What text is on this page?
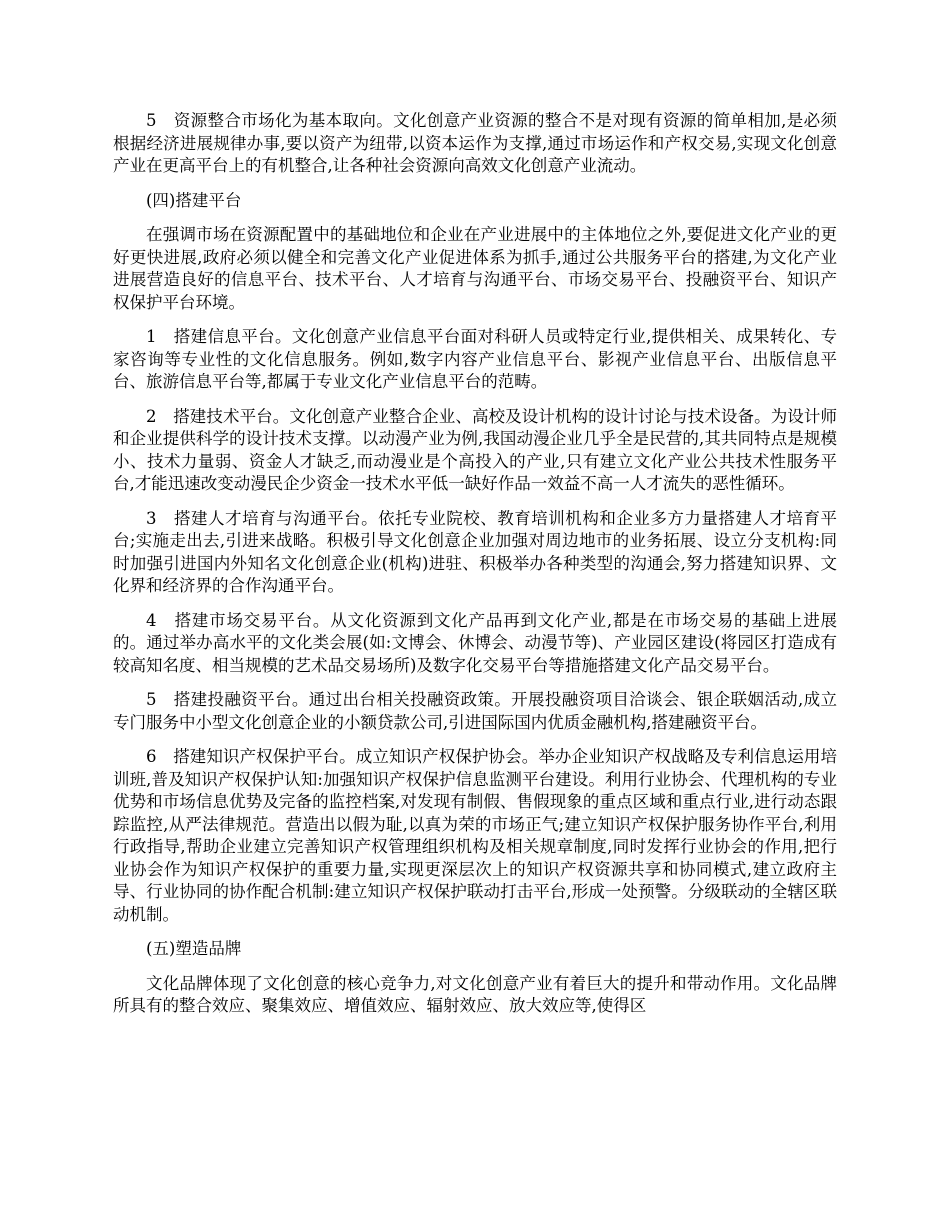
5　资源整合市场化为基本取向。文化创意产业资源的整合不是对现有资源的简单相加,是必须根据经济进展规律办事,要以资产为纽带,以资本运作为支撑,通过市场运作和产权交易,实现文化创意产业在更高平台上的有机整合,让各种社会资源向高效文化创意产业流动。

(四)搭建平台

在强调市场在资源配置中的基础地位和企业在产业进展中的主体地位之外,要促进文化产业的更好更快进展,政府必须以健全和完善文化产业促进体系为抓手,通过公共服务平台的搭建,为文化产业进展营造良好的信息平台、技术平台、人才培育与沟通平台、市场交易平台、投融资平台、知识产权保护平台环境。

1　搭建信息平台。文化创意产业信息平台面对科研人员或特定行业,提供相关、成果转化、专家咨询等专业性的文化信息服务。例如,数字内容产业信息平台、影视产业信息平台、出版信息平台、旅游信息平台等,都属于专业文化产业信息平台的范畴。

2　搭建技术平台。文化创意产业整合企业、高校及设计机构的设计讨论与技术设备。为设计师和企业提供科学的设计技术支撑。以动漫产业为例,我国动漫企业几乎全是民营的,其共同特点是规模小、技术力量弱、资金人才缺乏,而动漫业是个高投入的产业,只有建立文化产业公共技术性服务平台,才能迅速改变动漫民企少资金一技术水平低一缺好作品一效益不高一人才流失的恶性循环。

3　搭建人才培育与沟通平台。依托专业院校、教育培训机构和企业多方力量搭建人才培育平台;实施走出去,引进来战略。积极引导文化创意企业加强对周边地市的业务拓展、设立分支机构:同时加强引进国内外知名文化创意企业(机构)进驻、积极举办各种类型的沟通会,努力搭建知识界、文化界和经济界的合作沟通平台。

4　搭建市场交易平台。从文化资源到文化产品再到文化产业,都是在市场交易的基础上进展的。通过举办高水平的文化类会展(如:文博会、休博会、动漫节等)、产业园区建设(将园区打造成有较高知名度、相当规模的艺术品交易场所)及数字化交易平台等措施搭建文化产品交易平台。

5　搭建投融资平台。通过出台相关投融资政策。开展投融资项目洽谈会、银企联姻活动,成立专门服务中小型文化创意企业的小额贷款公司,引进国际国内优质金融机构,搭建融资平台。

6　搭建知识产权保护平台。成立知识产权保护协会。举办企业知识产权战略及专利信息运用培训班,普及知识产权保护认知:加强知识产权保护信息监测平台建设。利用行业协会、代理机构的专业优势和市场信息优势及完备的监控档案,对发现有制假、售假现象的重点区域和重点行业,进行动态跟踪监控,从严法律规范。营造出以假为耻,以真为荣的市场正气;建立知识产权保护服务协作平台,利用行政指导,帮助企业建立完善知识产权管理组织机构及相关规章制度,同时发挥行业协会的作用,把行业协会作为知识产权保护的重要力量,实现更深层次上的知识产权资源共享和协同模式,建立政府主导、行业协同的协作配合机制:建立知识产权保护联动打击平台,形成一处预警。分级联动的全辖区联动机制。

(五)塑造品牌

文化品牌体现了文化创意的核心竞争力,对文化创意产业有着巨大的提升和带动作用。文化品牌所具有的整合效应、聚集效应、增值效应、辐射效应、放大效应等,使得区
